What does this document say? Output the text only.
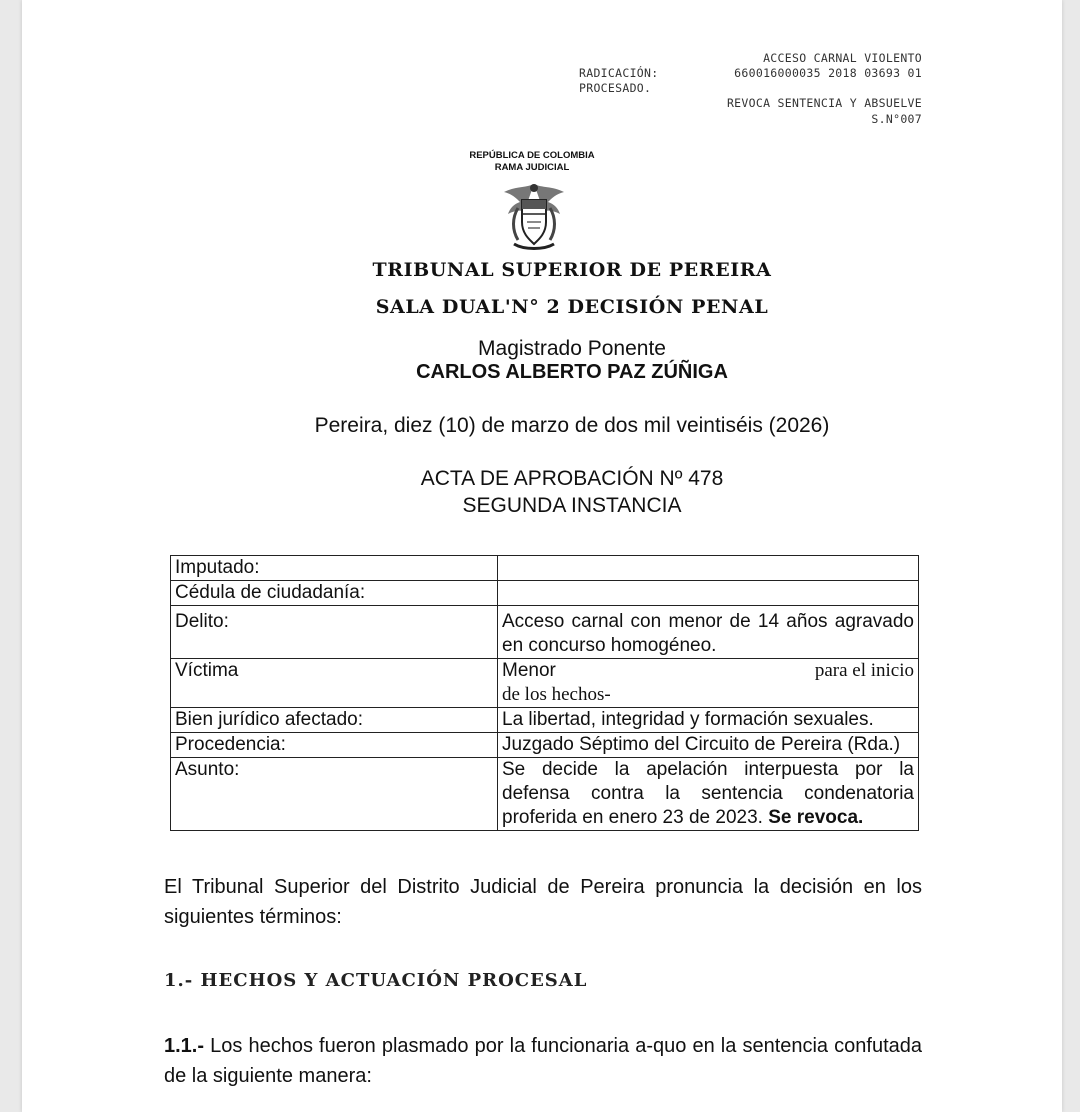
ACCESO CARNAL VIOLENTO
RADICACIÓN:	660016000035 2018 03693 01
PROCESADO.
REVOCA SENTENCIA Y ABSUELVE
S.N°007
REPÚBLICA DE COLOMBIA
RAMA JUDICIAL
TRIBUNAL SUPERIOR DE PEREIRA
SALA DUAL'N° 2 DECISIÓN PENAL
Magistrado Ponente
CARLOS ALBERTO PAZ ZÚÑIGA
Pereira, diez (10) de marzo de dos mil veintiséis (2026)
ACTA DE APROBACIÓN Nº 478
SEGUNDA INSTANCIA
Imputado:	
Cédula de ciudadanía:	
Delito:	Acceso carnal con menor de 14 años agravado en concurso homogéneo.
Víctima	Menor para el inicio
de los hechos-

Bien jurídico afectado:	La libertad, integridad y formación sexuales.
Procedencia:	Juzgado Séptimo del Circuito de Pereira (Rda.)
Asunto:	Se decide la apelación interpuesta por la defensa contra la sentencia condenatoria proferida en enero 23 de 2023. Se revoca.
El Tribunal Superior del Distrito Judicial de Pereira pronuncia la decisión en los siguientes términos:
1.- HECHOS Y ACTUACIÓN PROCESAL
1.1.- Los hechos fueron plasmado por la funcionaria a-quo en la sentencia confutada de la siguiente manera:
